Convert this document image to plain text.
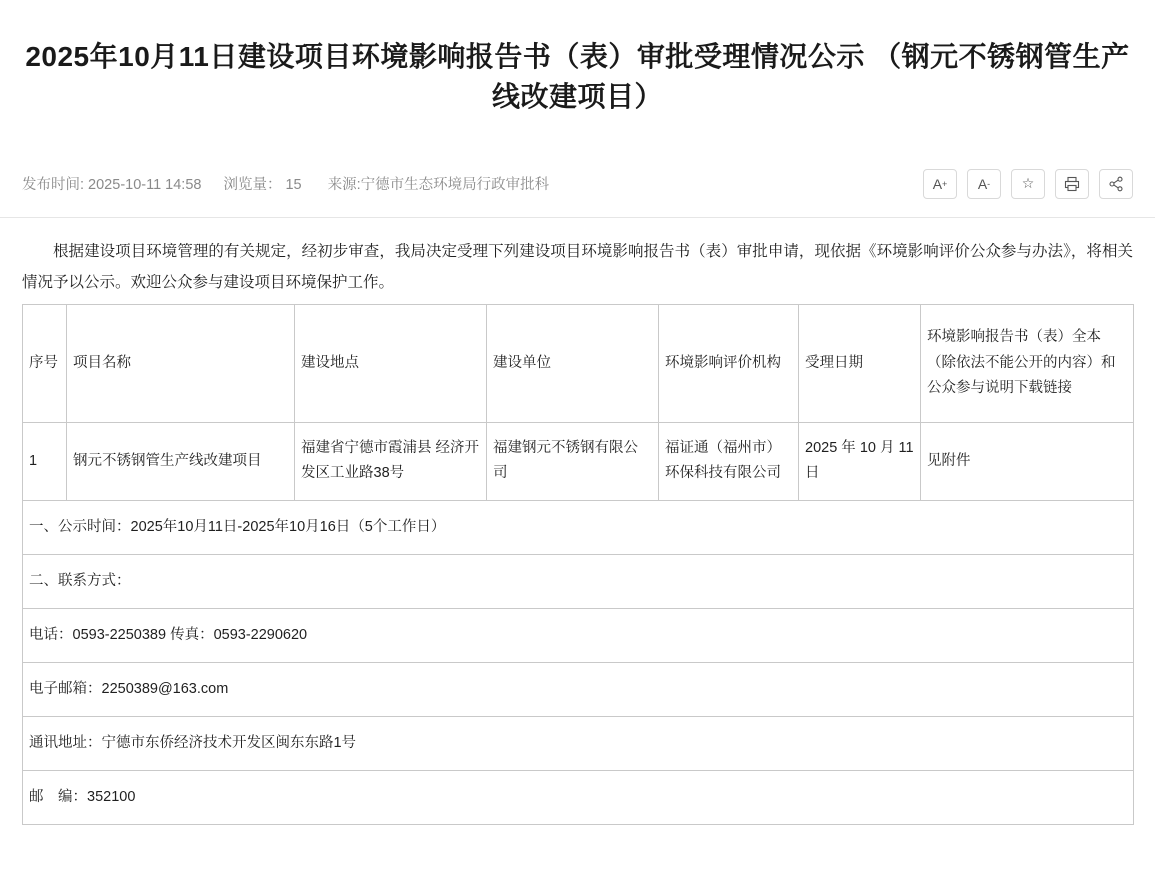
2025年10月11日建设项目环境影响报告书（表）审批受理情况公示 （钢元不锈钢管生产线改建项目）
发布时间: 2025-10-11 14:58 浏览量： 15 来源:宁德市生态环境局行政审批科	A + A - ☆

根据建设项目环境管理的有关规定，经初步审查，我局决定受理下列建设项目环境影响报告书（表）审批申请，现依据《环境影响评价公众参与办法》，将相关情况予以公示。欢迎公众参与建设项目环境保护工作。

序号	项目名称	建设地点	建设单位	环境影响评价机构	受理日期	环境影响报告书（表）全本（除依法不能公开的内容）和公众参与说明下载链接
1	钢元不锈钢管生产线改建项目	福建省宁德市霞浦县 经济开发区工业路38号	福建钢元不锈钢有限公司	福证通（福州市）环保科技有限公司	2025 年 10 月 11 日	见附件
一、公示时间：2025年10月11日-2025年10月16日（5个工作日）						
二、联系方式：						
电话：0593-2250389 传真：0593-2290620						
电子邮箱：2250389@163.com						
通讯地址：宁德市东侨经济技术开发区闽东东路1号						
邮　编：352100						
